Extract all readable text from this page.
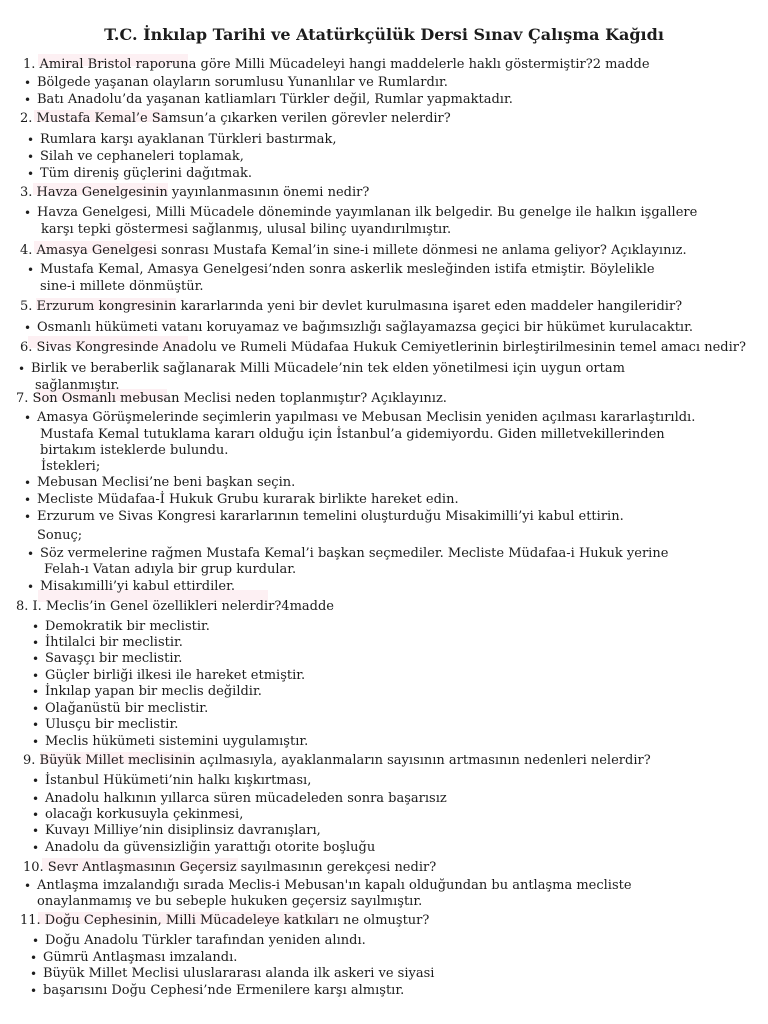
T.C. İnkılap Tarihi ve Atatürkçülük Dersi Sınav Çalışma Kağıdı
1. Amiral Bristol raporuna göre Milli Mücadeleyi hangi maddelerle haklı göstermiştir?2 madde
• Bölgede yaşanan olayların sorumlusu Yunanlılar ve Rumlardır.
• Batı Anadolu’da yaşanan katliamları Türkler değil, Rumlar yapmaktadır.
2. Mustafa Kemal’e Samsun’a çıkarken verilen görevler nelerdir?
• Rumlara karşı ayaklanan Türkleri bastırmak,
• Silah ve cephaneleri toplamak,
• Tüm direniş güçlerini dağıtmak.
3. Havza Genelgesinin yayınlanmasının önemi nedir?
• Havza Genelgesi, Milli Mücadele döneminde yayımlanan ilk belgedir. Bu genelge ile halkın işgallere
karşı tepki göstermesi sağlanmış, ulusal bilinç uyandırılmıştır.
4. Amasya Genelgesi sonrası Mustafa Kemal’in sine-i millete dönmesi ne anlama geliyor? Açıklayınız.
• Mustafa Kemal, Amasya Genelgesi’nden sonra askerlik mesleğinden istifa etmiştir. Böylelikle
sine-i millete dönmüştür.
5. Erzurum kongresinin kararlarında yeni bir devlet kurulmasına işaret eden maddeler hangileridir?
• Osmanlı hükümeti vatanı koruyamaz ve bağımsızlığı sağlayamazsa geçici bir hükümet kurulacaktır.
6. Sivas Kongresinde Anadolu ve Rumeli Müdafaa Hukuk Cemiyetlerinin birleştirilmesinin temel amacı nedir?
• Birlik ve beraberlik sağlanarak Milli Mücadele’nin tek elden yönetilmesi için uygun ortam
sağlanmıştır.
7. Son Osmanlı mebusan Meclisi neden toplanmıştır? Açıklayınız.
• Amasya Görüşmelerinde seçimlerin yapılması ve Mebusan Meclisin yeniden açılması kararlaştırıldı.
Mustafa Kemal tutuklama kararı olduğu için İstanbul’a gidemiyordu. Giden milletvekillerinden
birtakım isteklerde bulundu.
İstekleri;
• Mebusan Meclisi’ne beni başkan seçin.
• Mecliste Müdafaa-İ Hukuk Grubu kurarak birlikte hareket edin.
• Erzurum ve Sivas Kongresi kararlarının temelini oluşturduğu Misakimilli’yi kabul ettirin.
Sonuç;
• Söz vermelerine rağmen Mustafa Kemal’i başkan seçmediler. Mecliste Müdafaa-i Hukuk yerine
Felah-ı Vatan adıyla bir grup kurdular.
• Misakımilli’yi kabul ettirdiler.
8. I. Meclis’in Genel özellikleri nelerdir?4madde
• Demokratik bir meclistir.
• İhtilalci bir meclistir.
• Savaşçı bir meclistir.
• Güçler birliği ilkesi ile hareket etmiştir.
• İnkılap yapan bir meclis değildir.
• Olağanüstü bir meclistir.
• Ulusçu bir meclistir.
• Meclis hükümeti sistemini uygulamıştır.
9. Büyük Millet meclisinin açılmasıyla, ayaklanmaların sayısının artmasının nedenleri nelerdir?
• İstanbul Hükümeti’nin halkı kışkırtması,
• Anadolu halkının yıllarca süren mücadeleden sonra başarısız
• olacağı korkusuyla çekinmesi,
• Kuvayı Milliye’nin disiplinsiz davranışları,
• Anadolu da güvensizliğin yarattığı otorite boşluğu
10. Sevr Antlaşmasının Geçersiz sayılmasının gerekçesi nedir?
• Antlaşma imzalandığı sırada Meclis-i Mebusan'ın kapalı olduğundan bu antlaşma mecliste
onaylanmamış ve bu sebeple hukuken geçersiz sayılmıştır.
11. Doğu Cephesinin, Milli Mücadeleye katkıları ne olmuştur?
• Doğu Anadolu Türkler tarafından yeniden alındı.
• Gümrü Antlaşması imzalandı.
• Büyük Millet Meclisi uluslararası alanda ilk askeri ve siyasi
• başarısını Doğu Cephesi’nde Ermenilere karşı almıştır.
